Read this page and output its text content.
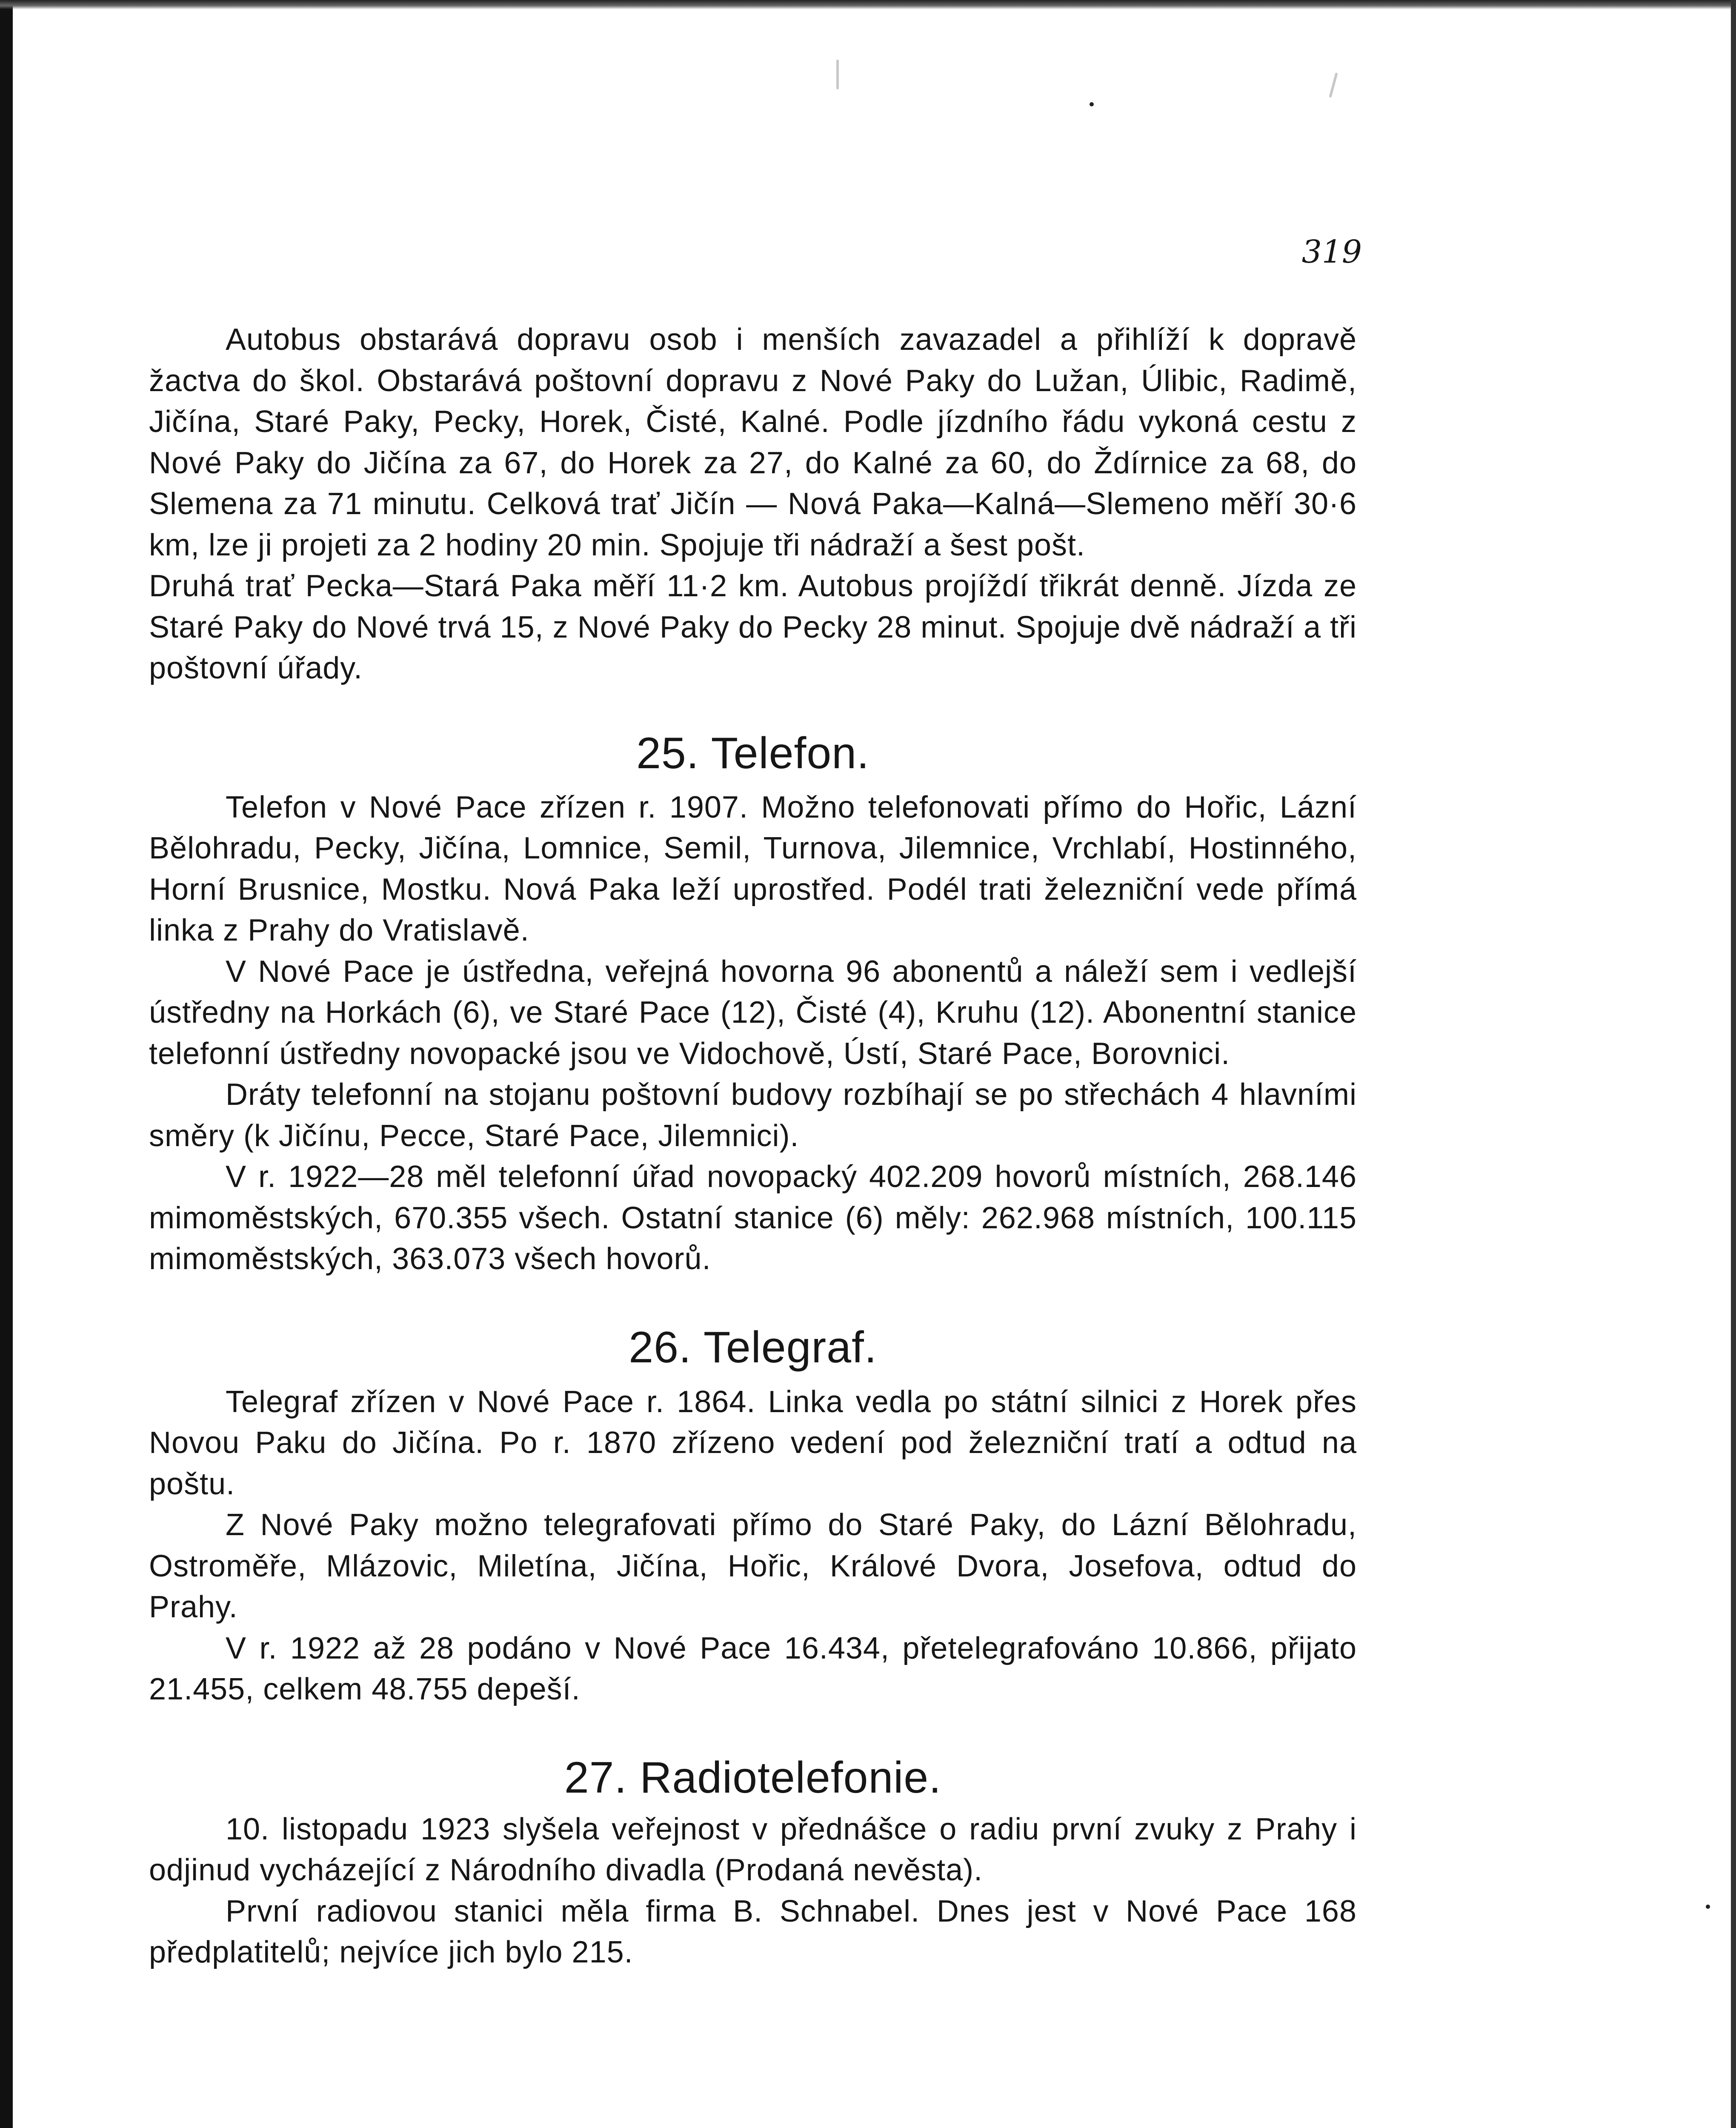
319

Autobus obstarává dopravu osob i menších zavazadel a přihlíží k dopravě žactva do škol. Obstarává poštovní dopravu z Nové Paky do Lužan, Úlibic, Radimě, Jičína, Staré Paky, Pecky, Horek, Čisté, Kalné. Podle jízdního řádu vykoná cestu z Nové Paky do Jičína za 67, do Horek za 27, do Kalné za 60, do Ždírnice za 68, do Slemena za 71 minutu. Celková trať Jičín — Nová Paka—Kalná—Slemeno měří 30·6 km, lze ji projeti za 2 hodiny 20 min. Spojuje tři nádraží a šest pošt.

Druhá trať Pecka—Stará Paka měří 11·2 km. Autobus projíždí třikrát denně. Jízda ze Staré Paky do Nové trvá 15, z Nové Paky do Pecky 28 minut. Spojuje dvě nádraží a tři poštovní úřady.

25. Telefon.

Telefon v Nové Pace zřízen r. 1907. Možno telefonovati přímo do Hořic, Lázní Bělohradu, Pecky, Jičína, Lomnice, Semil, Turnova, Jilemnice, Vrchlabí, Hostinného, Horní Brusnice, Mostku. Nová Paka leží uprostřed. Podél trati železniční vede přímá linka z Prahy do Vratislavě.

V Nové Pace je ústředna, veřejná hovorna 96 abonentů a náleží sem i vedlejší ústředny na Horkách (6), ve Staré Pace (12), Čisté (4), Kruhu (12). Abonentní stanice telefonní ústředny novopacké jsou ve Vidochově, Ústí, Staré Pace, Borovnici.

Dráty telefonní na stojanu poštovní budovy rozbíhají se po střechách 4 hlavními směry (k Jičínu, Pecce, Staré Pace, Jilemnici).

V r. 1922—28 měl telefonní úřad novopacký 402.209 hovorů místních, 268.146 mimoměstských, 670.355 všech. Ostatní stanice (6) měly: 262.968 místních, 100.115 mimoměstských, 363.073 všech hovorů.

26. Telegraf.

Telegraf zřízen v Nové Pace r. 1864. Linka vedla po státní silnici z Horek přes Novou Paku do Jičína. Po r. 1870 zřízeno vedení pod železniční tratí a odtud na poštu.

Z Nové Paky možno telegrafovati přímo do Staré Paky, do Lázní Bělohradu, Ostroměře, Mlázovic, Miletína, Jičína, Hořic, Králové Dvora, Josefova, odtud do Prahy.

V r. 1922 až 28 podáno v Nové Pace 16.434, přetelegrafováno 10.866, přijato 21.455, celkem 48.755 depeší.

27. Radiotelefonie.

10. listopadu 1923 slyšela veřejnost v přednášce o radiu první zvuky z Prahy i odjinud vycházející z Národního divadla (Prodaná nevěsta).

První radiovou stanici měla firma B. Schnabel. Dnes jest v Nové Pace 168 předplatitelů; nejvíce jich bylo 215.
